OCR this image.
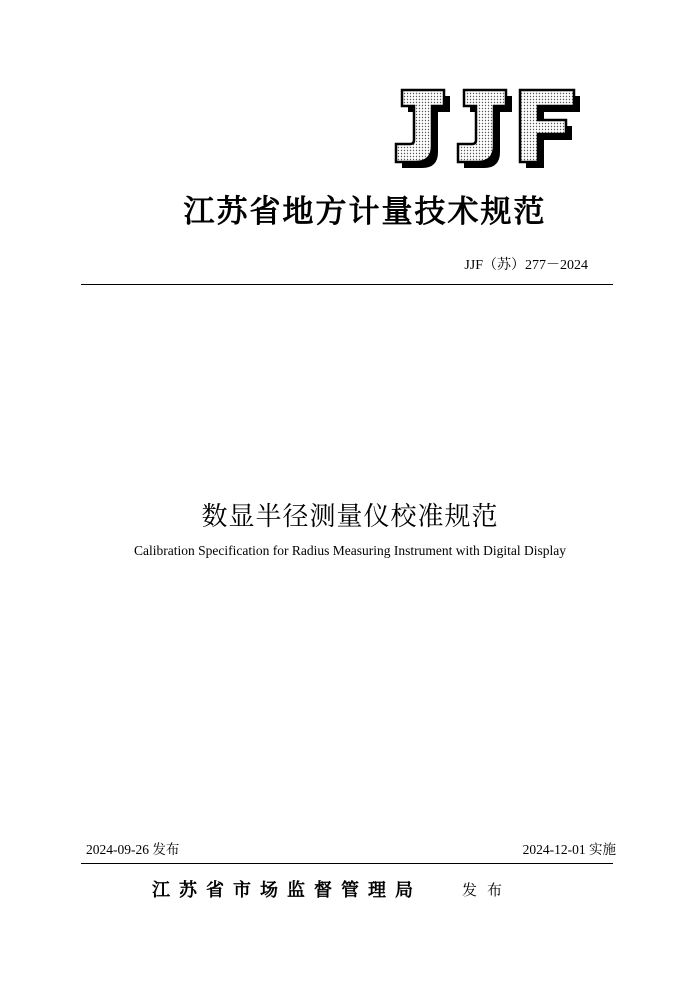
江苏省地方计量技术规范
JJF（苏）277－2024
数显半径测量仪校准规范
Calibration Specification for Radius Measuring Instrument with Digital Display
2024-09-26 发布	2024-12-01 实施
江苏省市场监督管理局	发布
